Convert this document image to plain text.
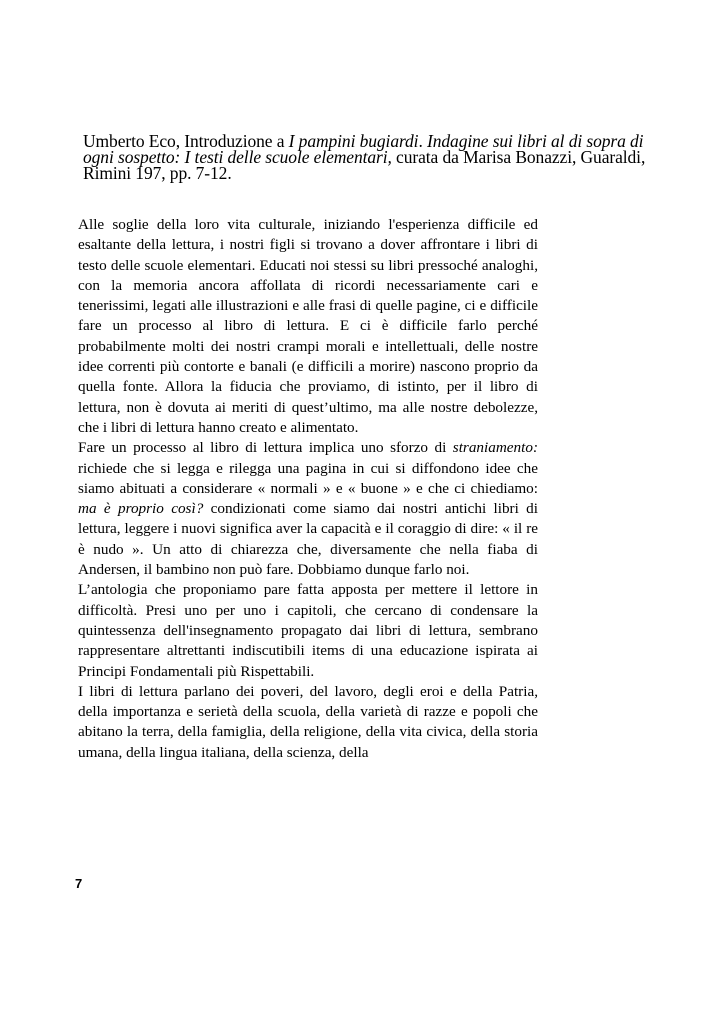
Umberto Eco, Introduzione a I pampini bugiardi. Indagine sui libri al di sopra di ogni sospetto: I testi delle scuole elementari, curata da Marisa Bonazzi, Guaraldi, Rimini 197, pp. 7-12.

Alle soglie della loro vita culturale, iniziando l'esperienza difficile ed esaltante della lettura, i nostri figli si trovano a dover affrontare i libri di testo delle scuole elementari. Educati noi stessi su libri pressoché analoghi, con la memoria ancora affollata di ricordi necessariamente cari e tenerissimi, legati alle illustrazioni e alle frasi di quelle pagine, ci e difficile fare un processo al libro di lettura. E ci è difficile farlo perché probabilmente molti dei nostri crampi morali e intellettuali, delle nostre idee correnti più contorte e banali (e difficili a morire) nascono proprio da quella fonte. Allora la fiducia che proviamo, di istinto, per il libro di lettura, non è dovuta ai meriti di quest’ultimo, ma alle nostre debolezze, che i libri di lettura hanno creato e alimentato.

Fare un processo al libro di lettura implica uno sforzo di straniamento: richiede che si legga e rilegga una pagina in cui si diffondono idee che siamo abituati a considerare « normali » e « buone » e che ci chiediamo: ma è proprio così? condizionati come siamo dai nostri antichi libri di lettura, leggere i nuovi significa aver la capacità e il coraggio di dire: « il re è nudo ». Un atto di chiarezza che, diversamente che nella fiaba di Andersen, il bambino non può fare. Dobbiamo dunque farlo noi.

L’antologia che proponiamo pare fatta apposta per mettere il lettore in difficoltà. Presi uno per uno i capitoli, che cercano di condensare la quintessenza dell'insegnamento propagato dai libri di lettura, sembrano rappresentare altrettanti indiscutibili items di una educazione ispirata ai Principi Fondamentali più Rispettabili.

I libri di lettura parlano dei poveri, del lavoro, degli eroi e della Patria, della importanza e serietà della scuola, della varietà di razze e popoli che abitano la terra, della famiglia, della religione, della vita civica, della storia umana, della lingua italiana, della scienza, della

7
